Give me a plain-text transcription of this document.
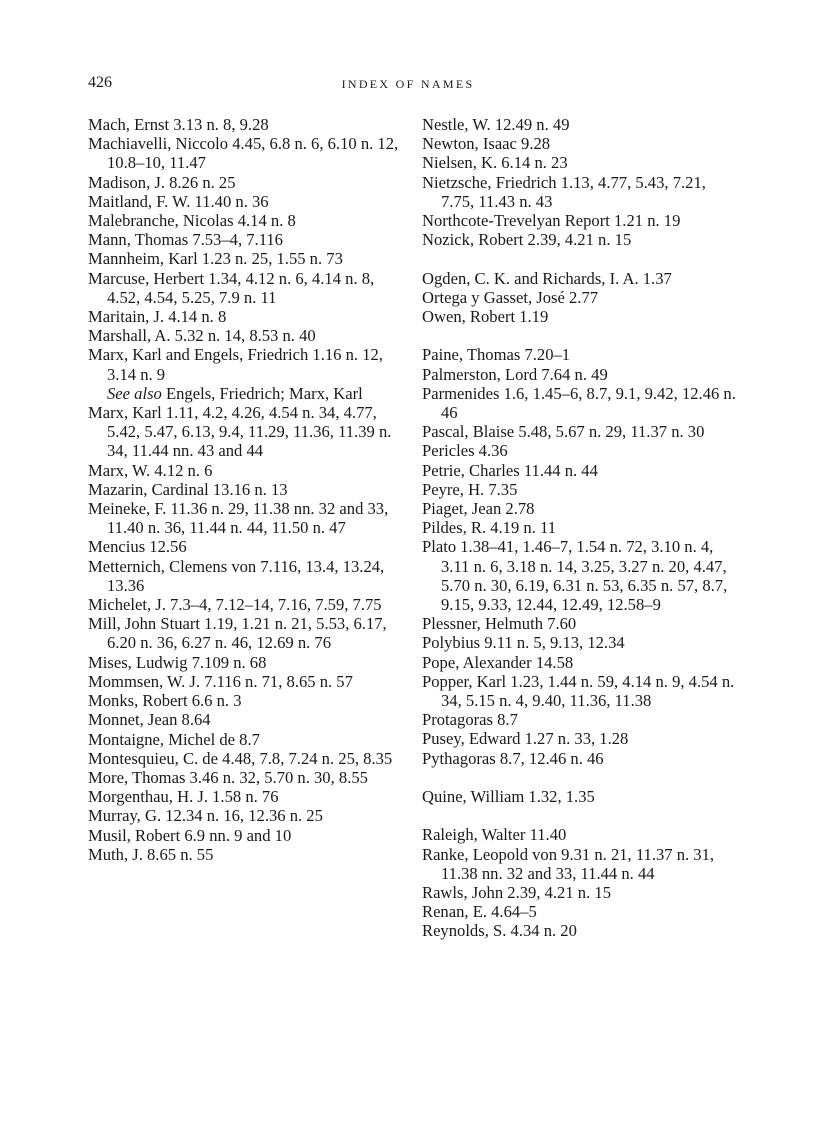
426	INDEX OF NAMES
Mach, Ernst 3.13 n. 8, 9.28
Machiavelli, Niccolo 4.45, 6.8 n. 6, 6.10 n. 12, 10.8–10, 11.47
Madison, J. 8.26 n. 25
Maitland, F. W. 11.40 n. 36
Malebranche, Nicolas 4.14 n. 8
Mann, Thomas 7.53–4, 7.116
Mannheim, Karl 1.23 n. 25, 1.55 n. 73
Marcuse, Herbert 1.34, 4.12 n. 6, 4.14 n. 8, 4.52, 4.54, 5.25, 7.9 n. 11
Maritain, J. 4.14 n. 8
Marshall, A. 5.32 n. 14, 8.53 n. 40
Marx, Karl and Engels, Friedrich 1.16 n. 12, 3.14 n. 9
See also Engels, Friedrich; Marx, Karl
Marx, Karl 1.11, 4.2, 4.26, 4.54 n. 34, 4.77, 5.42, 5.47, 6.13, 9.4, 11.29, 11.36, 11.39 n. 34, 11.44 nn. 43 and 44
Marx, W. 4.12 n. 6
Mazarin, Cardinal 13.16 n. 13
Meineke, F. 11.36 n. 29, 11.38 nn. 32 and 33, 11.40 n. 36, 11.44 n. 44, 11.50 n. 47
Mencius 12.56
Metternich, Clemens von 7.116, 13.4, 13.24, 13.36
Michelet, J. 7.3–4, 7.12–14, 7.16, 7.59, 7.75
Mill, John Stuart 1.19, 1.21 n. 21, 5.53, 6.17, 6.20 n. 36, 6.27 n. 46, 12.69 n. 76
Mises, Ludwig 7.109 n. 68
Mommsen, W. J. 7.116 n. 71, 8.65 n. 57
Monks, Robert 6.6 n. 3
Monnet, Jean 8.64
Montaigne, Michel de 8.7
Montesquieu, C. de 4.48, 7.8, 7.24 n. 25, 8.35
More, Thomas 3.46 n. 32, 5.70 n. 30, 8.55
Morgenthau, H. J. 1.58 n. 76
Murray, G. 12.34 n. 16, 12.36 n. 25
Musil, Robert 6.9 nn. 9 and 10
Muth, J. 8.65 n. 55
Nestle, W. 12.49 n. 49
Newton, Isaac 9.28
Nielsen, K. 6.14 n. 23
Nietzsche, Friedrich 1.13, 4.77, 5.43, 7.21, 7.75, 11.43 n. 43
Northcote-Trevelyan Report 1.21 n. 19
Nozick, Robert 2.39, 4.21 n. 15
Ogden, C. K. and Richards, I. A. 1.37
Ortega y Gasset, José 2.77
Owen, Robert 1.19
Paine, Thomas 7.20–1
Palmerston, Lord 7.64 n. 49
Parmenides 1.6, 1.45–6, 8.7, 9.1, 9.42, 12.46 n. 46
Pascal, Blaise 5.48, 5.67 n. 29, 11.37 n. 30
Pericles 4.36
Petrie, Charles 11.44 n. 44
Peyre, H. 7.35
Piaget, Jean 2.78
Pildes, R. 4.19 n. 11
Plato 1.38–41, 1.46–7, 1.54 n. 72, 3.10 n. 4, 3.11 n. 6, 3.18 n. 14, 3.25, 3.27 n. 20, 4.47, 5.70 n. 30, 6.19, 6.31 n. 53, 6.35 n. 57, 8.7, 9.15, 9.33, 12.44, 12.49, 12.58–9
Plessner, Helmuth 7.60
Polybius 9.11 n. 5, 9.13, 12.34
Pope, Alexander 14.58
Popper, Karl 1.23, 1.44 n. 59, 4.14 n. 9, 4.54 n. 34, 5.15 n. 4, 9.40, 11.36, 11.38
Protagoras 8.7
Pusey, Edward 1.27 n. 33, 1.28
Pythagoras 8.7, 12.46 n. 46
Quine, William 1.32, 1.35
Raleigh, Walter 11.40
Ranke, Leopold von 9.31 n. 21, 11.37 n. 31, 11.38 nn. 32 and 33, 11.44 n. 44
Rawls, John 2.39, 4.21 n. 15
Renan, E. 4.64–5
Reynolds, S. 4.34 n. 20
